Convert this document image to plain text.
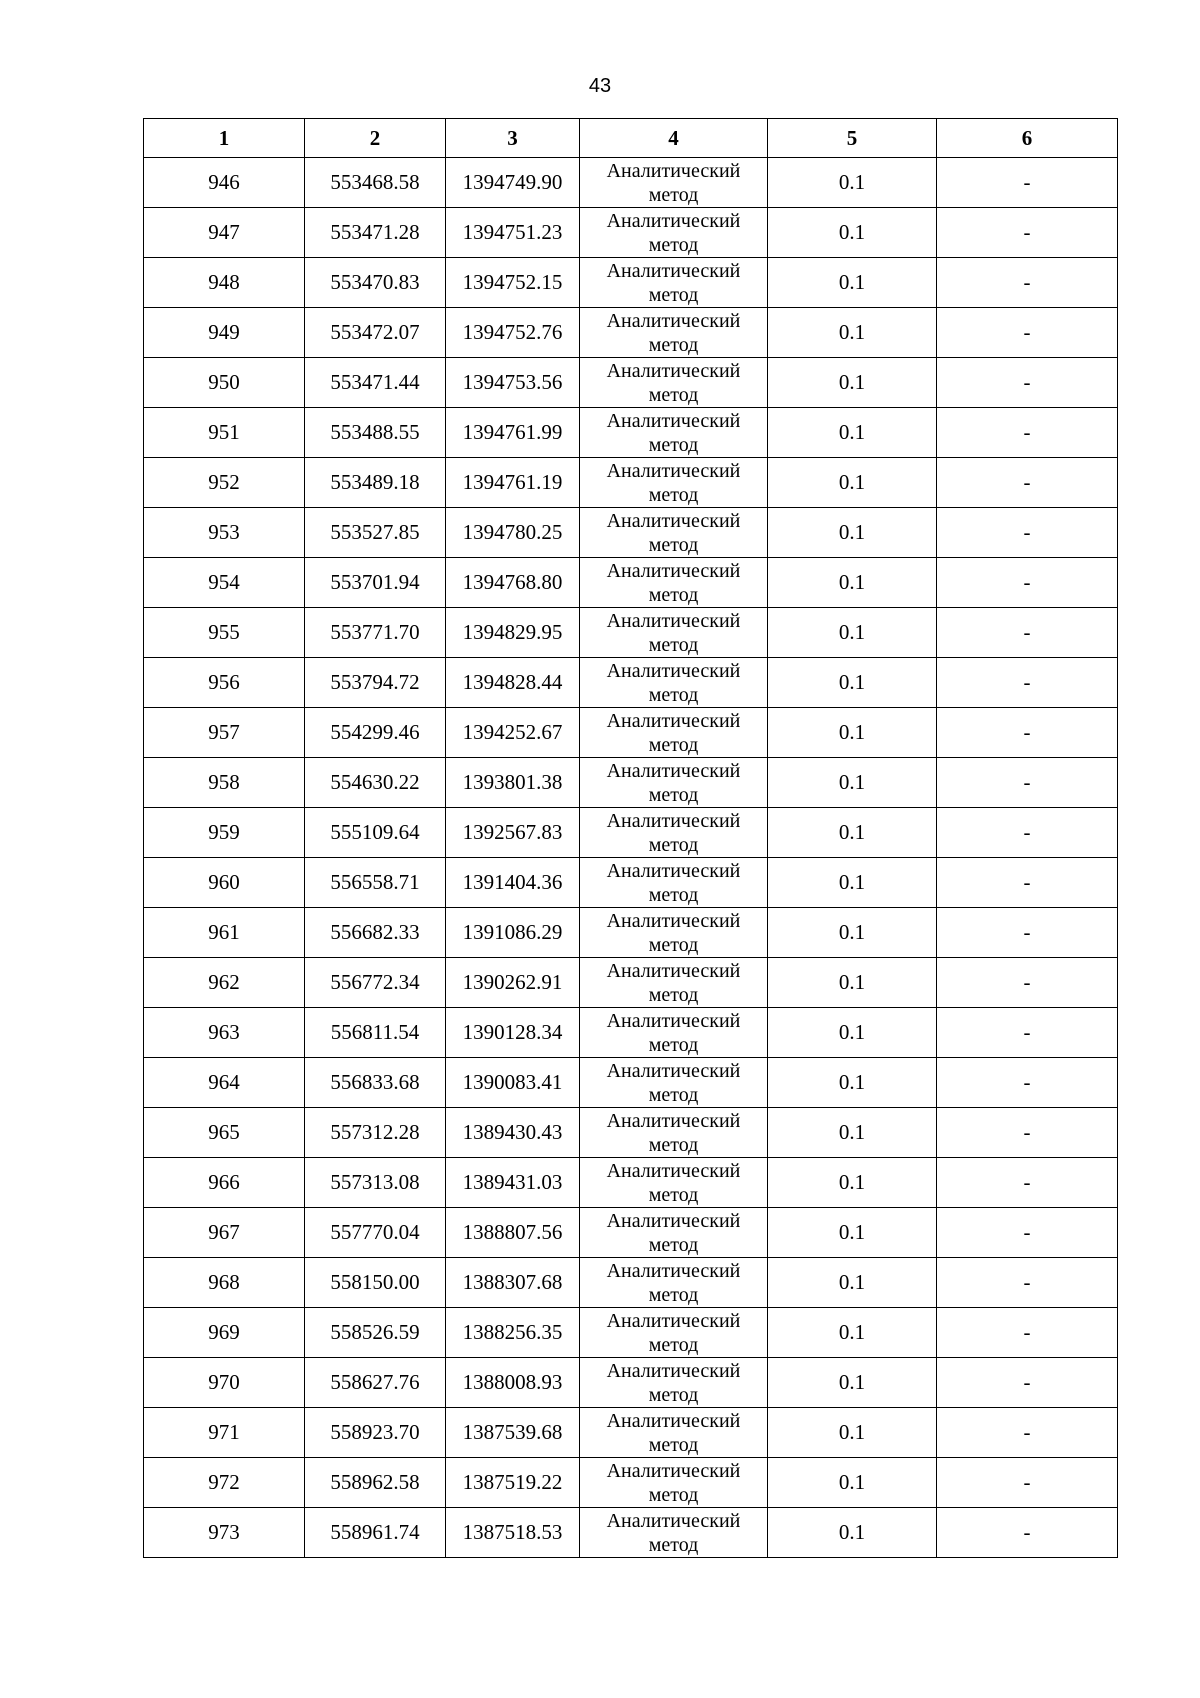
43
1	2	3	4	5	6
946	553468.58	1394749.90	Аналитический метод	0.1	-
947	553471.28	1394751.23	Аналитический метод	0.1	-
948	553470.83	1394752.15	Аналитический метод	0.1	-
949	553472.07	1394752.76	Аналитический метод	0.1	-
950	553471.44	1394753.56	Аналитический метод	0.1	-
951	553488.55	1394761.99	Аналитический метод	0.1	-
952	553489.18	1394761.19	Аналитический метод	0.1	-
953	553527.85	1394780.25	Аналитический метод	0.1	-
954	553701.94	1394768.80	Аналитический метод	0.1	-
955	553771.70	1394829.95	Аналитический метод	0.1	-
956	553794.72	1394828.44	Аналитический метод	0.1	-
957	554299.46	1394252.67	Аналитический метод	0.1	-
958	554630.22	1393801.38	Аналитический метод	0.1	-
959	555109.64	1392567.83	Аналитический метод	0.1	-
960	556558.71	1391404.36	Аналитический метод	0.1	-
961	556682.33	1391086.29	Аналитический метод	0.1	-
962	556772.34	1390262.91	Аналитический метод	0.1	-
963	556811.54	1390128.34	Аналитический метод	0.1	-
964	556833.68	1390083.41	Аналитический метод	0.1	-
965	557312.28	1389430.43	Аналитический метод	0.1	-
966	557313.08	1389431.03	Аналитический метод	0.1	-
967	557770.04	1388807.56	Аналитический метод	0.1	-
968	558150.00	1388307.68	Аналитический метод	0.1	-
969	558526.59	1388256.35	Аналитический метод	0.1	-
970	558627.76	1388008.93	Аналитический метод	0.1	-
971	558923.70	1387539.68	Аналитический метод	0.1	-
972	558962.58	1387519.22	Аналитический метод	0.1	-
973	558961.74	1387518.53	Аналитический метод	0.1	-
